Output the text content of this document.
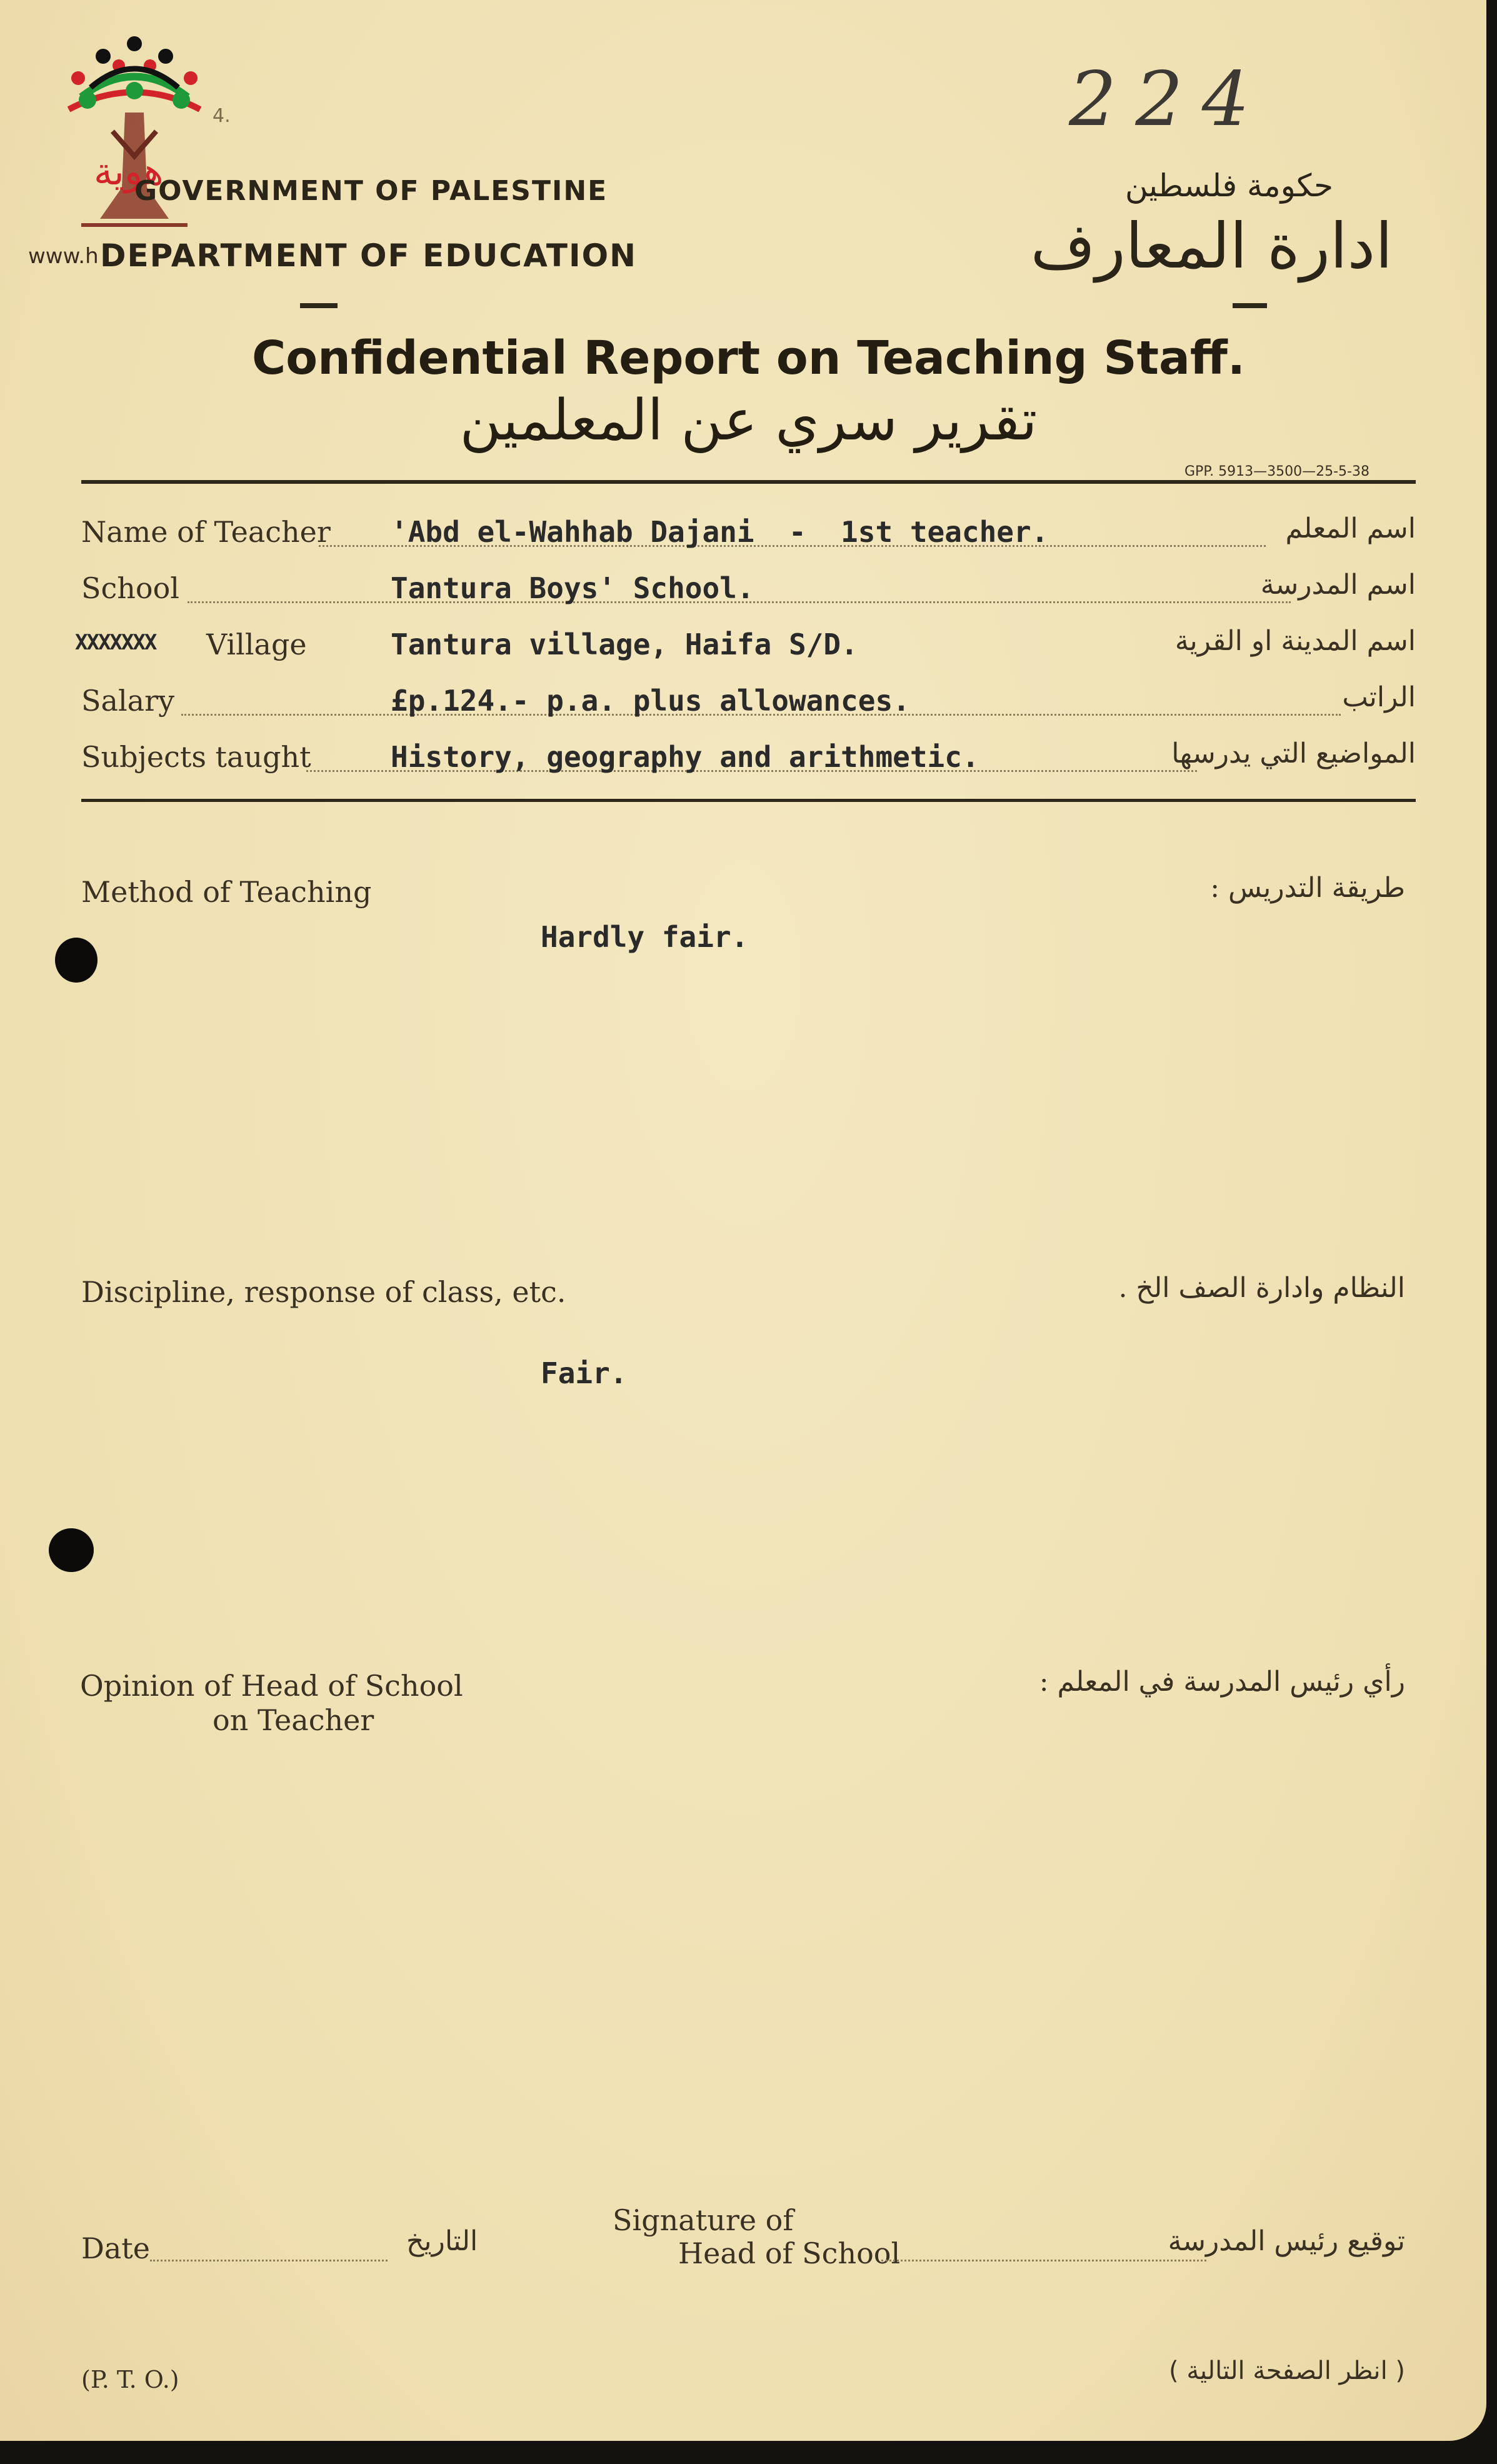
هوية
www.h
4.	224
GOVERNMENT OF PALESTINE
DEPARTMENT OF EDUCATION
حكومة فلسطين
ادارة المعارف
Confidential Report on Teaching Staff.
تقرير سري عن المعلمين
GPP. 5913—3500—25-5-38
Name of Teacher 'Abd el-Wahhab Dajani  -  1st teacher.	اسم المعلم
School	Tantura Boys' School.	اسم المدرسة
XXXXXXX Village	Tantura village, Haifa S/D.	اسم المدينة او القرية
Salary	£p.124.- p.a. plus allowances.	الراتب
Subjects taught	History, geography and arithmetic.	المواضيع التي يدرسها
Method of Teaching	طريقة التدريس :
Hardly fair.
Discipline, response of class, etc.	النظام وادارة الصف الخ .
Fair.
Opinion of Head of School
on Teacher
رأي رئيس المدرسة في المعلم :
Date	التاريخ
Signature of
Head of School	توقيع رئيس المدرسة
(P. T. O.)	( انظر الصفحة التالية )
